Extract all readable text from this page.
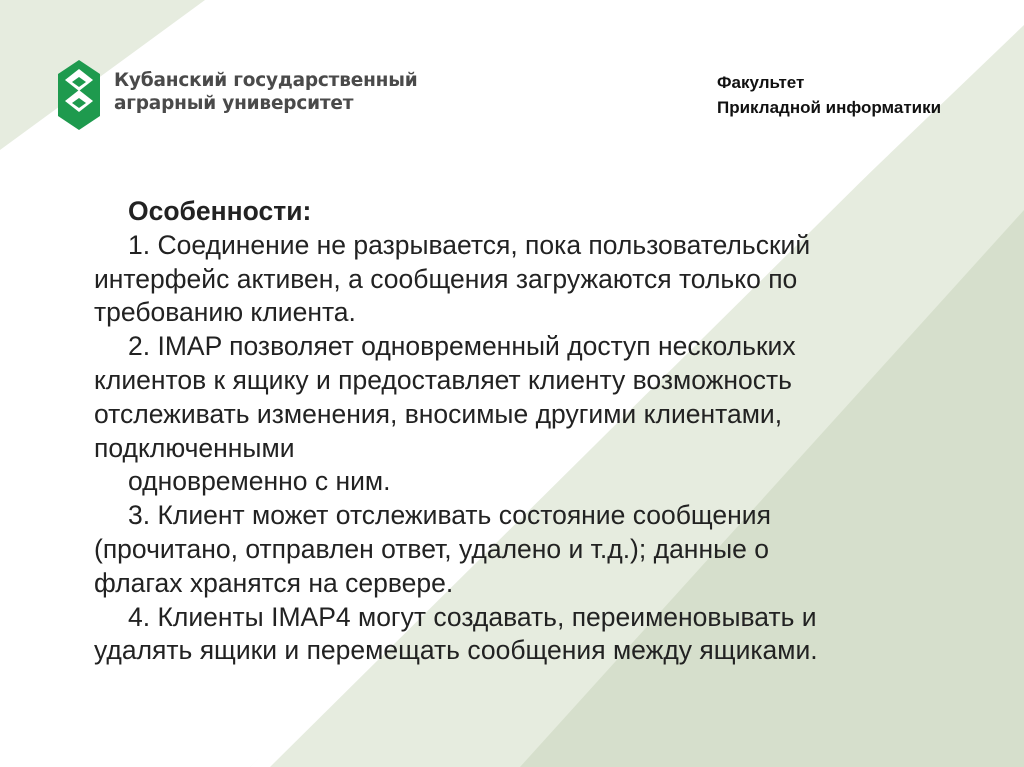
Кубанский государственный
аграрный университет
Факультет
Прикладной информатики
Особенности:
1. Соединение не разрывается, пока пользовательский
интерфейс активен, а сообщения загружаются только по
требованию клиента.
2. IMAP позволяет одновременный доступ нескольких
клиентов к ящику и предоставляет клиенту возможность
отслеживать изменения, вносимые другими клиентами,
подключенными
одновременно с ним.
3. Клиент может отслеживать состояние сообщения
(прочитано, отправлен ответ, удалено и т.д.); данные о
флагах хранятся на сервере.
4. Клиенты IMAP4 могут создавать, переименовывать и
удалять ящики и перемещать сообщения между ящиками.
